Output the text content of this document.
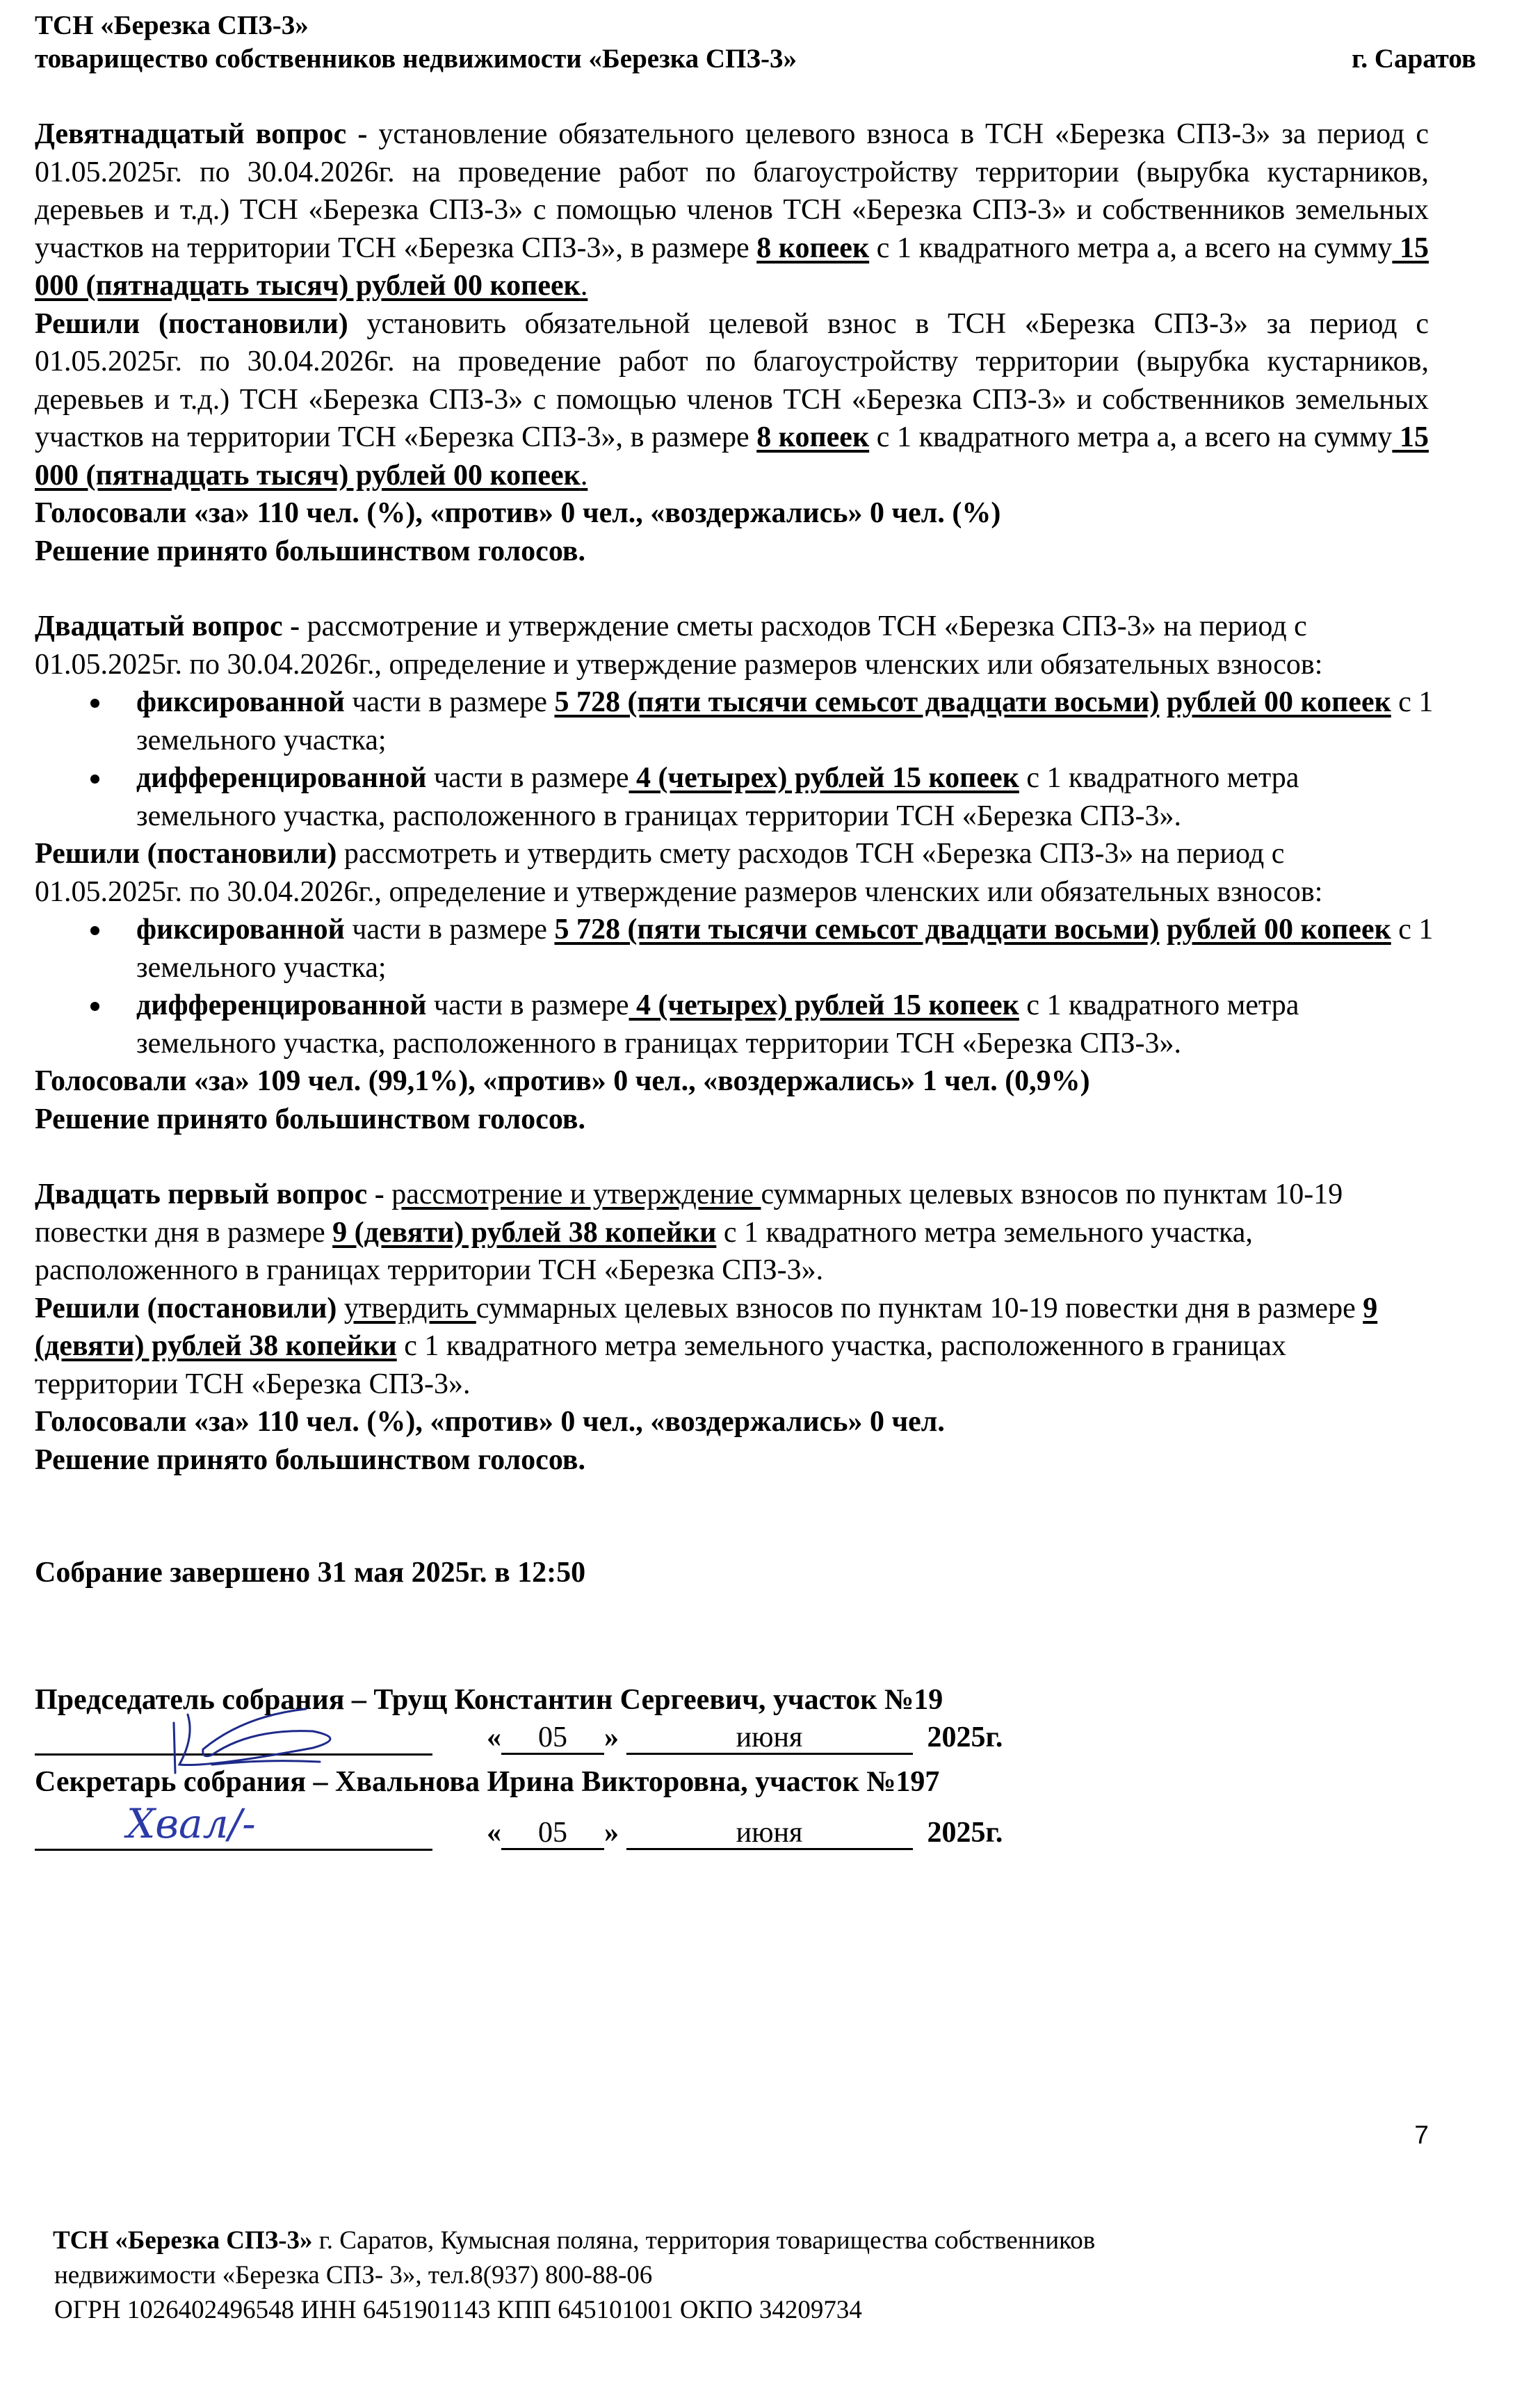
ТСН «Березка СПЗ-3»
товарищество собственников недвижимости «Березка СПЗ-3»	г. Саратов

Девятнадцатый вопрос - установление обязательного целевого взноса в ТСН «Березка СПЗ-3» за период с 01.05.2025г. по 30.04.2026г. на проведение работ по благоустройству территории (вырубка кустарников, деревьев и т.д.) ТСН «Березка СПЗ-3» с помощью членов ТСН «Березка СПЗ-3» и собственников земельных участков на территории ТСН «Березка СПЗ-3», в размере 8 копеек с 1 квадратного метра а, а всего на сумму 15 000 (пятнадцать тысяч) рублей 00 копеек.

Решили (постановили) установить обязательной целевой взнос в ТСН «Березка СПЗ-3» за период с 01.05.2025г. по 30.04.2026г. на проведение работ по благоустройству территории (вырубка кустарников, деревьев и т.д.) ТСН «Березка СПЗ-3» с помощью членов ТСН «Березка СПЗ-3» и собственников земельных участков на территории ТСН «Березка СПЗ-3», в размере 8 копеек с 1 квадратного метра а, а всего на сумму 15 000 (пятнадцать тысяч) рублей 00 копеек.

Голосовали «за» 110 чел. (%), «против» 0 чел., «воздержались» 0 чел. (%)

Решение принято большинством голосов.

Двадцатый вопрос - рассмотрение и утверждение сметы расходов ТСН «Березка СПЗ-3» на период с 01.05.2025г. по 30.04.2026г., определение и утверждение размеров членских или обязательных взносов:

фиксированной части в размере 5 728 (пяти тысячи семьсот двадцати восьми) рублей 00 копеек с 1 земельного участка;
дифференцированной части в размере 4 (четырех) рублей 15 копеек с 1 квадратного метра земельного участка, расположенного в границах территории ТСН «Березка СПЗ-3».

Решили (постановили) рассмотреть и утвердить смету расходов ТСН «Березка СПЗ-3» на период с 01.05.2025г. по 30.04.2026г., определение и утверждение размеров членских или обязательных взносов:

фиксированной части в размере 5 728 (пяти тысячи семьсот двадцати восьми) рублей 00 копеек с 1 земельного участка;
дифференцированной части в размере 4 (четырех) рублей 15 копеек с 1 квадратного метра земельного участка, расположенного в границах территории ТСН «Березка СПЗ-3».

Голосовали «за» 109 чел. (99,1%), «против» 0 чел., «воздержались» 1 чел. (0,9%)

Решение принято большинством голосов.

Двадцать первый вопрос - рассмотрение и утверждение суммарных целевых взносов по пунктам 10-19 повестки дня в размере 9 (девяти) рублей 38 копейки с 1 квадратного метра земельного участка, расположенного в границах территории ТСН «Березка СПЗ-3».

Решили (постановили) утвердить суммарных целевых взносов по пунктам 10-19 повестки дня в размере 9 (девяти) рублей 38 копейки с 1 квадратного метра земельного участка, расположенного в границах территории ТСН «Березка СПЗ-3».

Голосовали «за» 110 чел. (%), «против» 0 чел., «воздержались» 0 чел.

Решение принято большинством голосов.

Собрание завершено 31 мая 2025г. в 12:50

Председатель собрания – Трущ Константин Сергеевич, участок №19

« 05 »	июня	2025г.

Секретарь собрания – Хвальнова Ирина Викторовна, участок №197

Хвал/-	« 05 »	июня	2025г.
7
ТСН «Березка СПЗ-3» г. Саратов, Кумысная поляна, территория товарищества собственников
недвижимости «Березка СПЗ- 3», тел.8(937) 800-88-06
ОГРН 1026402496548 ИНН 6451901143 КПП 645101001 ОКПО 34209734
